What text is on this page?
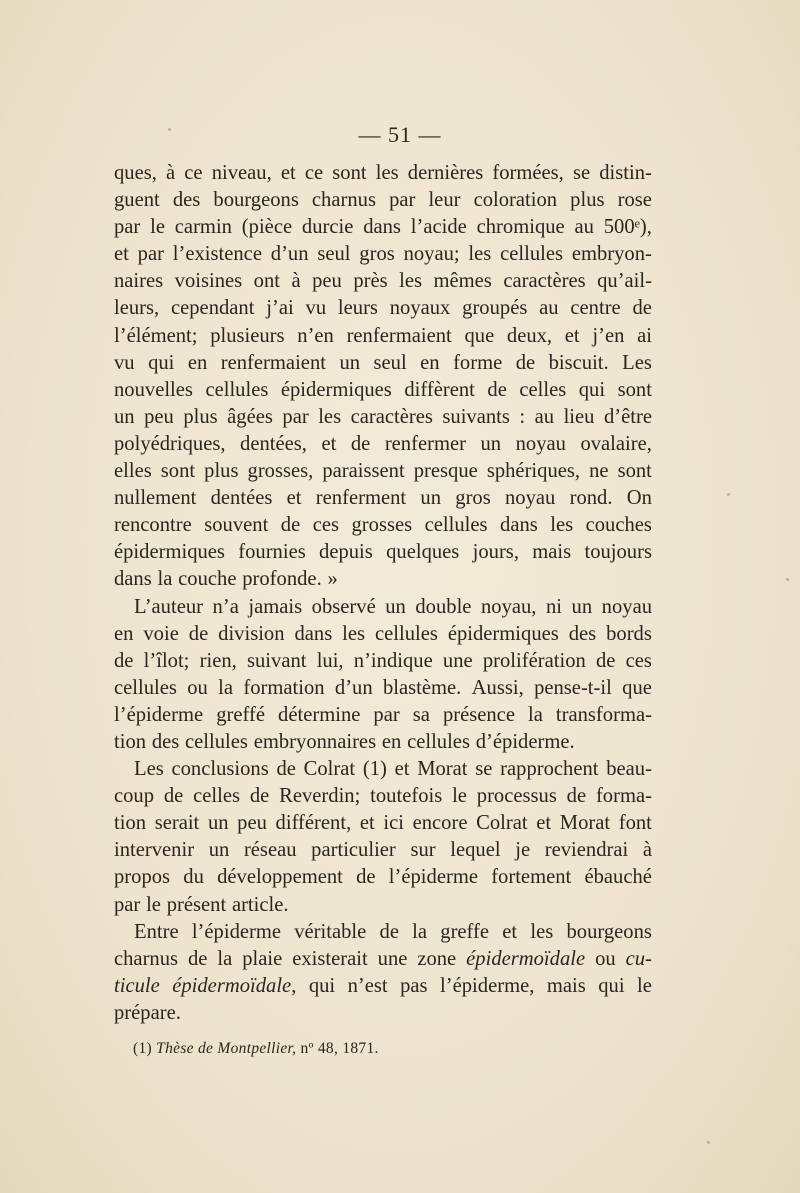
— 51 —
ques, à ce niveau, et ce sont les dernières formées, se distin-
guent des bourgeons charnus par leur coloration plus rose
par le carmin (pièce durcie dans l’acide chromique au 500ᵉ),
et par l’existence d’un seul gros noyau; les cellules embryon-
naires voisines ont à peu près les mêmes caractères qu’ail-
leurs, cependant j’ai vu leurs noyaux groupés au centre de
l’élément; plusieurs n’en renfermaient que deux, et j’en ai
vu qui en renfermaient un seul en forme de biscuit. Les
nouvelles cellules épidermiques diffèrent de celles qui sont
un peu plus âgées par les caractères suivants : au lieu d’être
polyédriques, dentées, et de renfermer un noyau ovalaire,
elles sont plus grosses, paraissent presque sphériques, ne sont
nullement dentées et renferment un gros noyau rond. On
rencontre souvent de ces grosses cellules dans les couches
épidermiques fournies depuis quelques jours, mais toujours
dans la couche profonde. »
L’auteur n’a jamais observé un double noyau, ni un noyau
en voie de division dans les cellules épidermiques des bords
de l’îlot; rien, suivant lui, n’indique une prolifération de ces
cellules ou la formation d’un blastème. Aussi, pense-t-il que
l’épiderme greffé détermine par sa présence la transforma-
tion des cellules embryonnaires en cellules d’épiderme.
Les conclusions de Colrat (1) et Morat se rapprochent beau-
coup de celles de Reverdin; toutefois le processus de forma-
tion serait un peu différent, et ici encore Colrat et Morat font
intervenir un réseau particulier sur lequel je reviendrai à
propos du développement de l’épiderme fortement ébauché
par le présent article.
Entre l’épiderme véritable de la greffe et les bourgeons
charnus de la plaie existerait une zone épidermoïdale ou cu-
ticule épidermoïdale, qui n’est pas l’épiderme, mais qui le
prépare.
(1) Thèse de Montpellier, nº 48, 1871.
